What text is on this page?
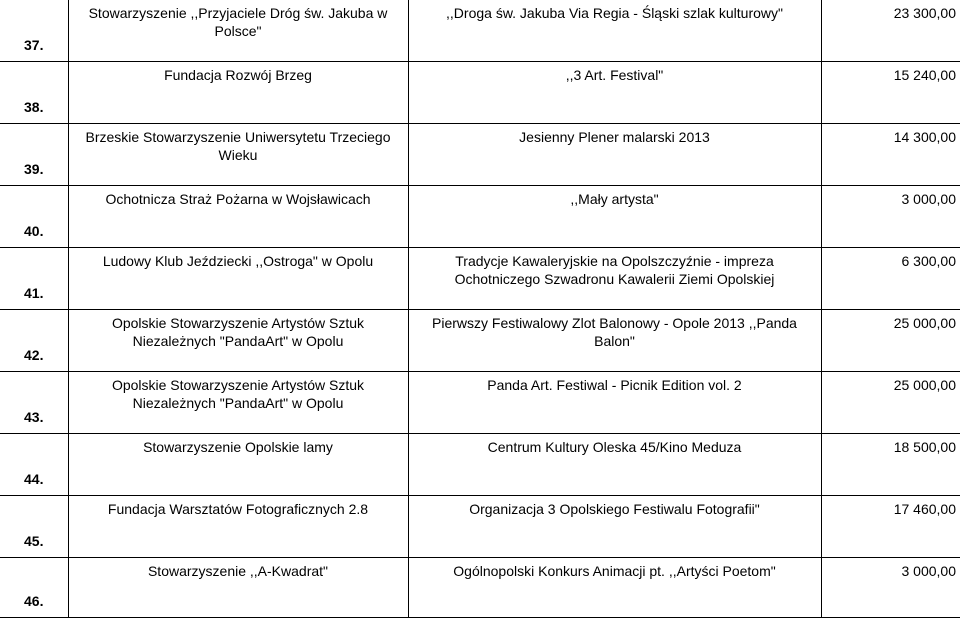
37.	Stowarzyszenie ,,Przyjaciele Dróg św. Jakuba w Polsce"	,,Droga św. Jakuba Via Regia - Śląski szlak kulturowy"	23 300,00

38.	Fundacja Rozwój Brzeg	,,3 Art. Festival"	15 240,00

39.	Brzeskie Stowarzyszenie Uniwersytetu Trzeciego Wieku	Jesienny Plener malarski 2013	14 300,00

40.	Ochotnicza Straż Pożarna w Wojsławicach	,,Mały artysta"	3 000,00

41.	Ludowy Klub Jeździecki ,,Ostroga" w Opolu	Tradycje Kawaleryjskie na Opolszczyźnie - impreza Ochotniczego Szwadronu Kawalerii Ziemi Opolskiej	6 300,00

42.	Opolskie Stowarzyszenie Artystów Sztuk Niezależnych "PandaArt" w Opolu	Pierwszy Festiwalowy Zlot Balonowy - Opole 2013 ,,Panda Balon"	25 000,00

43.	Opolskie Stowarzyszenie Artystów Sztuk Niezależnych "PandaArt" w Opolu	Panda Art. Festiwal - Picnik Edition vol. 2	25 000,00

44.	Stowarzyszenie Opolskie lamy	Centrum Kultury Oleska 45/Kino Meduza	18 500,00

45.	Fundacja Warsztatów Fotograficznych 2.8	Organizacja 3 Opolskiego Festiwalu Fotografii"	17 460,00

46.	Stowarzyszenie ,,A-Kwadrat"	Ogólnopolski Konkurs Animacji pt. ,,Artyści Poetom"	3 000,00
